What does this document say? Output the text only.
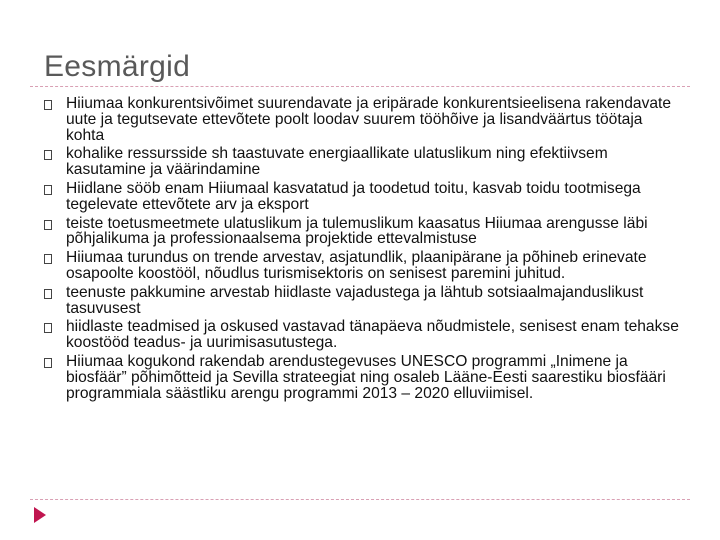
Eesmärgid
Hiiumaa konkurentsivõimet suurendavate ja eripärade konkurentsieelisena rakendavate uute ja tegutsevate ettevõtete poolt loodav suurem tööhõive ja lisandväärtus töötaja kohta
kohalike ressursside sh taastuvate energiaallikate ulatuslikum ning efektiivsem kasutamine ja väärindamine
Hiidlane sööb enam Hiiumaal kasvatatud ja toodetud toitu, kasvab toidu tootmisega tegelevate ettevõtete arv ja eksport
teiste toetusmeetmete ulatuslikum ja tulemuslikum kaasatus Hiiumaa arengusse läbi põhjalikuma ja professionaalsema projektide ettevalmistuse
Hiiumaa turundus on trende arvestav, asjatundlik, plaanipärane ja põhineb erinevate osapoolte koostööl, nõudlus turismisektoris on senisest paremini juhitud.
teenuste pakkumine arvestab hiidlaste vajadustega ja lähtub sotsiaalmajanduslikust tasuvusest
hiidlaste teadmised ja oskused vastavad tänapäeva nõudmistele, senisest enam tehakse koostööd teadus- ja uurimisasutustega.
Hiiumaa kogukond rakendab arendustegevuses UNESCO programmi „Inimene ja biosfäär” põhimõtteid ja Sevilla strateegiat ning osaleb Lääne-Eesti saarestiku biosfääri programmiala säästliku arengu programmi 2013 – 2020 elluviimisel.
